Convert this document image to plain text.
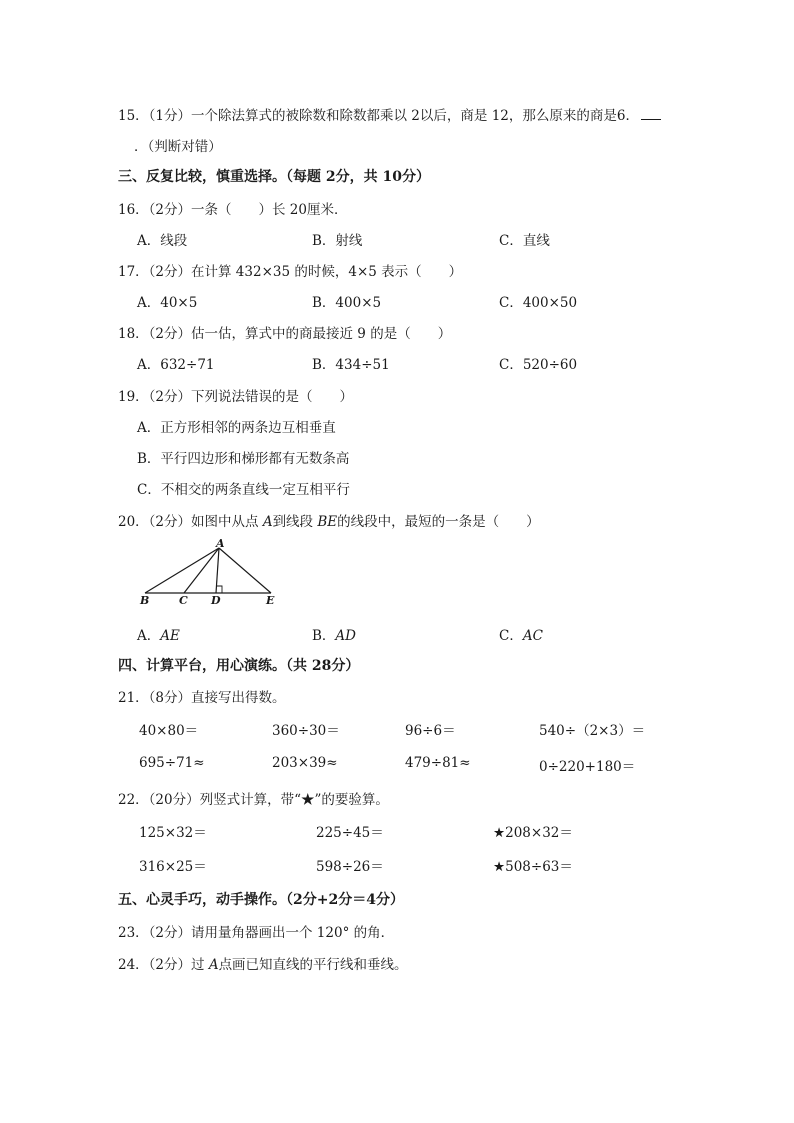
15．（1分）一个除法算式的被除数和除数都乘以 2以后，商是 12，那么原来的商是6．
．（判断对错）
三、反复比较，慎重选择。（每题 2分，共 10分）
16．（2分）一条（　　）长 20厘米．
A．线段	B．射线	C．直线
17．（2分）在计算 432×35 的时候，4×5 表示（　　）
A．40×5	B．400×5	C．400×50
18．（2分）估一估，算式中的商最接近 9 的是（　　）
A．632÷71	B．434÷51	C．520÷60
19．（2分）下列说法错误的是（　　）
A．正方形相邻的两条边互相垂直
B．平行四边形和梯形都有无数条高
C．不相交的两条直线一定互相平行
20．（2分）如图中从点 A到线段 BE的线段中，最短的一条是（　　）
A
B	C D	E
A．AE	B．AD	C．AC
四、计算平台，用心演练。（共 28分）
21．（8分）直接写出得数。
40×80＝	360÷30＝	96÷6＝	540÷（2×3）＝
695÷71≈	203×39≈	479÷81≈	0÷220+180＝
22．（20分）列竖式计算，带“★”的要验算。
125×32＝	225÷45＝	★208×32＝
316×25＝	598÷26＝	★508÷63＝
五、心灵手巧，动手操作。（2分+2分＝4分）
23．（2分）请用量角器画出一个 120° 的角．
24．（2分）过 A点画已知直线的平行线和垂线。
